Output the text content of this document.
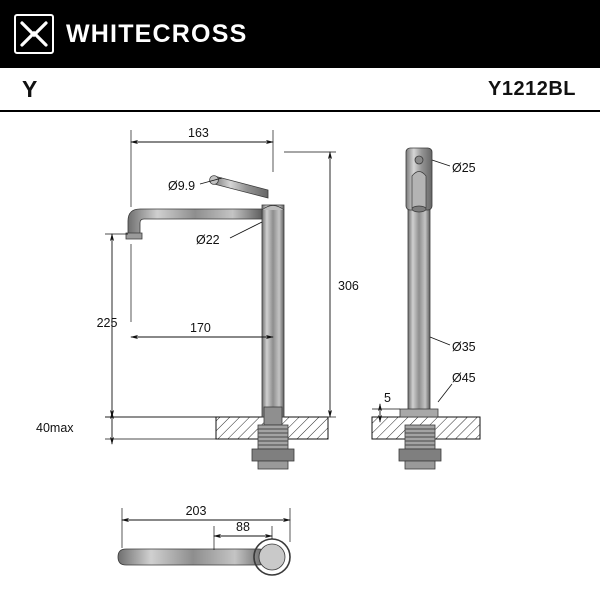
WHITECROSS
Y	Y1212BL
163
Ø9.9
Ø22
225	170
306
40max
Ø25
Ø35
Ø45
5
203
88
